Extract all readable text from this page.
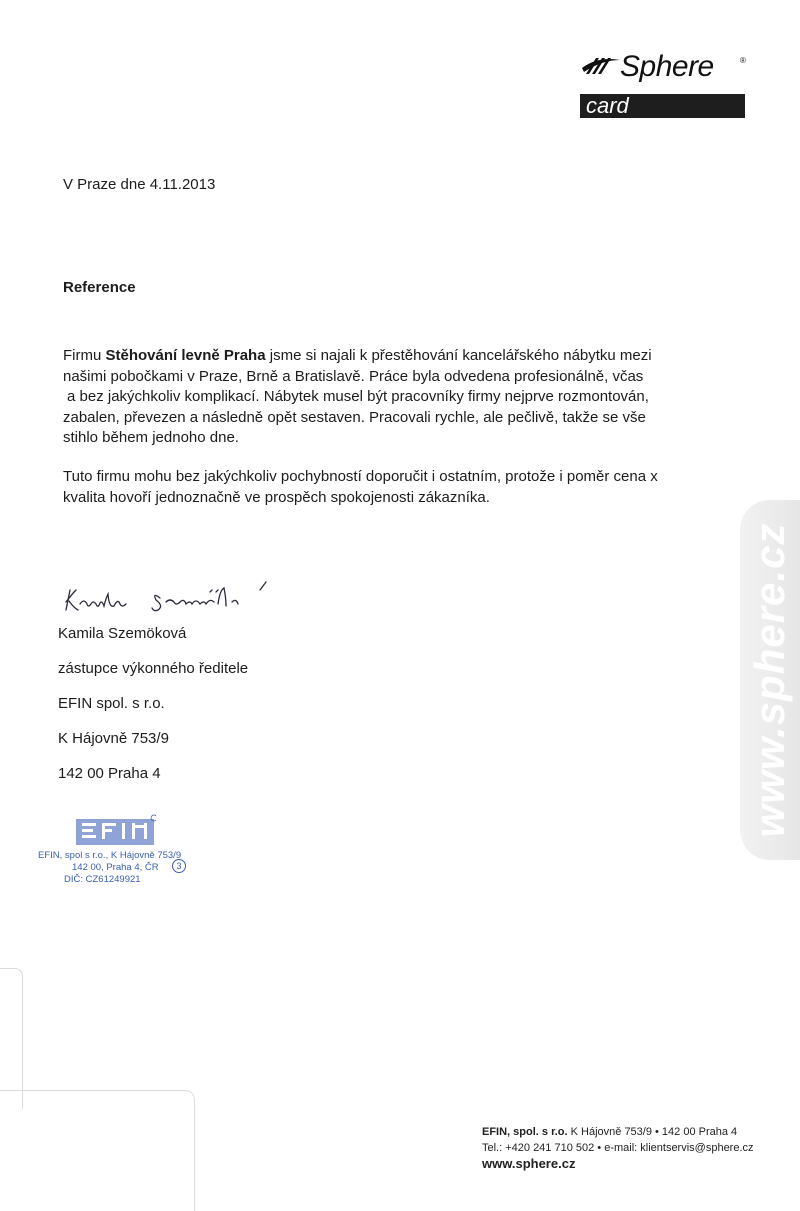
Sphere	®
card
V Praze dne 4.11.2013
Reference
Firmu Stěhování levně Praha jsme si najali k přestěhování kancelářského nábytku mezi
našimi pobočkami v Praze, Brně a Bratislavě. Práce byla odvedena profesionálně, včas
a bez jakýchkoliv komplikací. Nábytek musel být pracovníky firmy nejprve rozmontován,
zabalen, převezen a následně opět sestaven. Pracovali rychle, ale pečlivě, takže se vše
stihlo během jednoho dne.
Tuto firmu mohu bez jakýchkoliv pochybností doporučit i ostatním, protože i poměr cena x
kvalita hovoří jednoznačně ve prospěch spokojenosti zákazníka.
Kamila Szemöková
zástupce výkonného ředitele
EFIN spol. s r.o.
K Hájovně 753/9
142 00 Praha 4
EFIN, spol s r.o., K Hájovně 753/9
142 00, Praha 4, ČR
DIČ: CZ61249921
3
www.sphere.cz
EFIN, spol. s r.o. K Hájovně 753/9 • 142 00 Praha 4
Tel.: +420 241 710 502 • e-mail: klientservis@sphere.cz
www.sphere.cz
